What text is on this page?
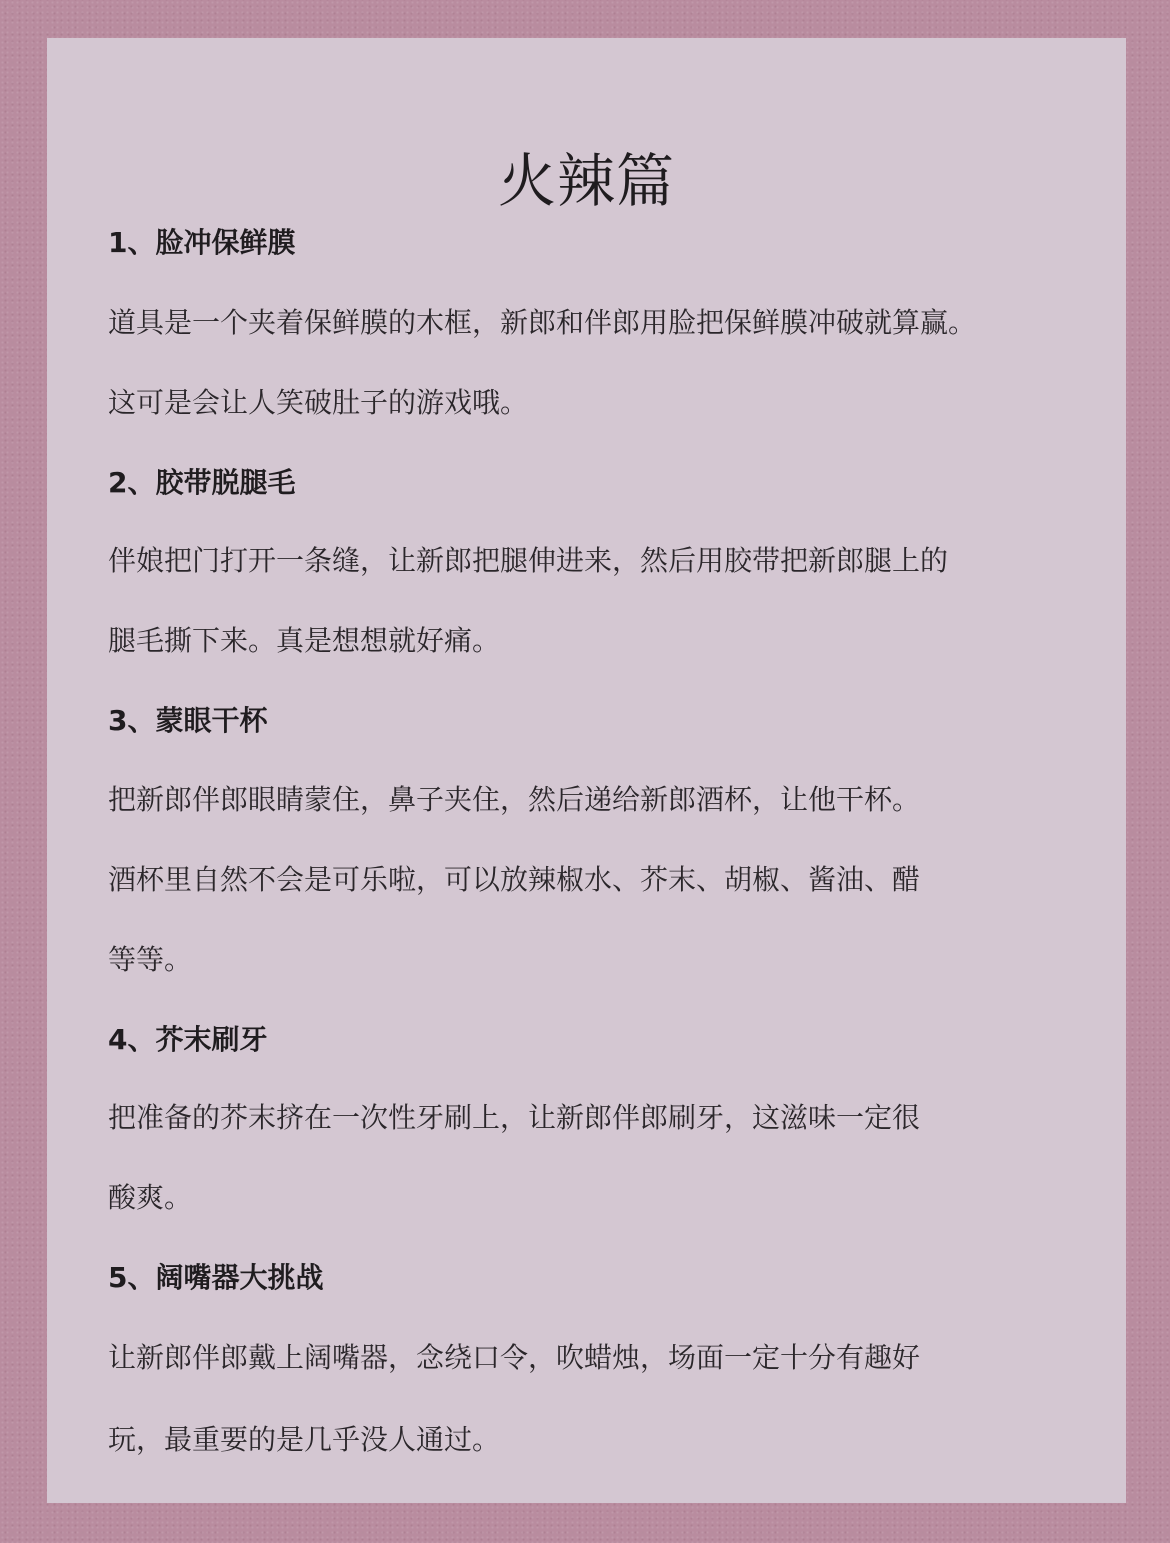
火辣篇
1、脸冲保鲜膜
道具是一个夹着保鲜膜的木框，新郎和伴郎用脸把保鲜膜冲破就算赢。
这可是会让人笑破肚子的游戏哦。
2、胶带脱腿毛
伴娘把门打开一条缝，让新郎把腿伸进来，然后用胶带把新郎腿上的
腿毛撕下来。真是想想就好痛。
3、蒙眼干杯
把新郎伴郎眼睛蒙住，鼻子夹住，然后递给新郎酒杯，让他干杯。
酒杯里自然不会是可乐啦，可以放辣椒水、芥末、胡椒、酱油、醋
等等。
4、芥末刷牙
把准备的芥末挤在一次性牙刷上，让新郎伴郎刷牙，这滋味一定很
酸爽。
5、阔嘴器大挑战
让新郎伴郎戴上阔嘴器，念绕口令，吹蜡烛，场面一定十分有趣好
玩，最重要的是几乎没人通过。
